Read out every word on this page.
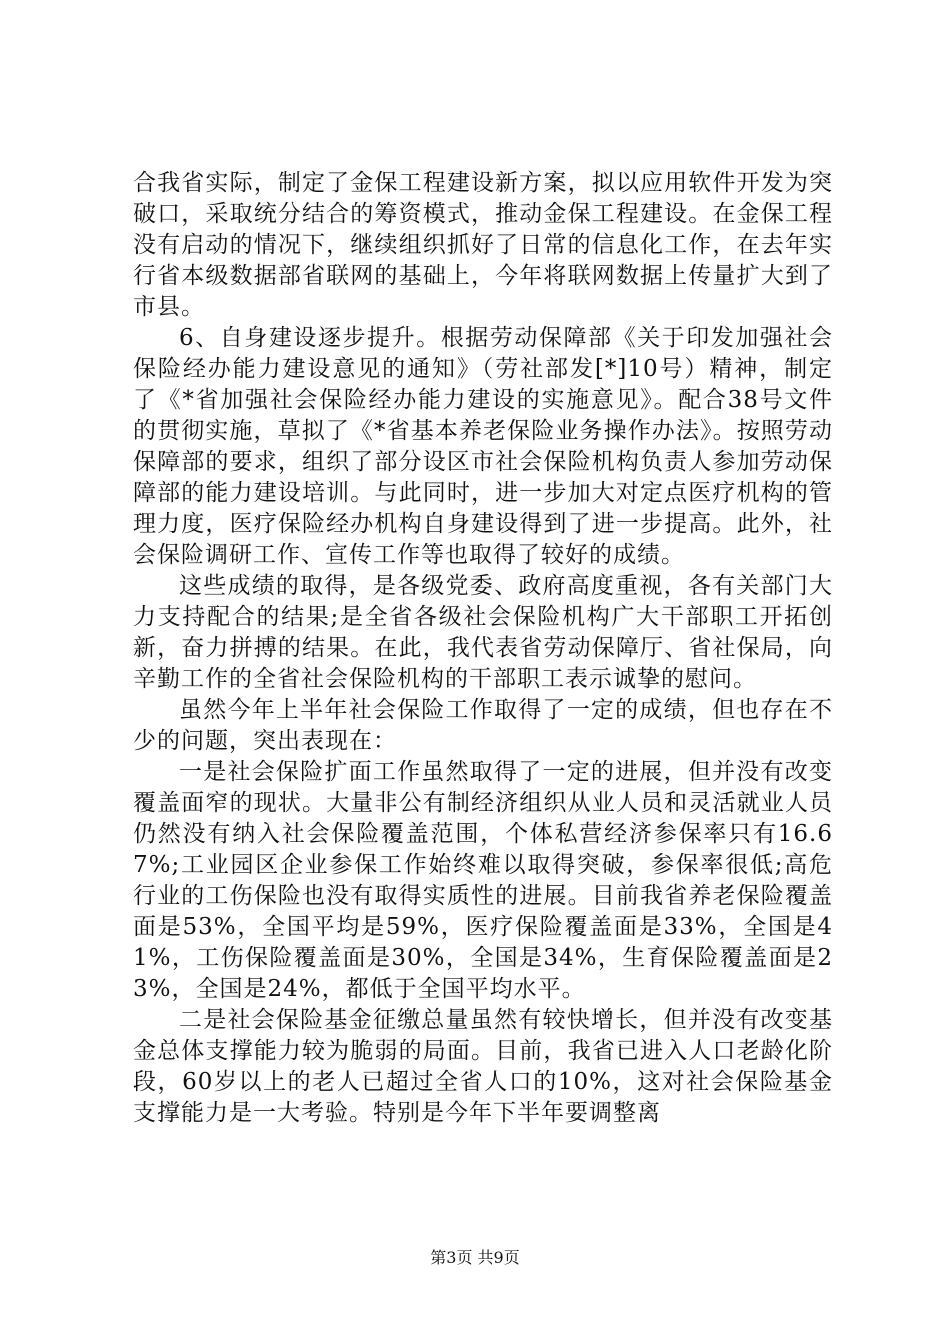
合我省实际，制定了金保工程建设新方案，拟以应用软件开发为突破口，采取统分结合的筹资模式，推动金保工程建设。在金保工程没有启动的情况下，继续组织抓好了日常的信息化工作，在去年实行省本级数据部省联网的基础上，今年将联网数据上传量扩大到了市县。

6、自身建设逐步提升。根据劳动保障部《关于印发加强社会保险经办能力建设意见的通知》（劳社部发[*]10号）精神，制定了《*省加强社会保险经办能力建设的实施意见》。配合38号文件的贯彻实施，草拟了《*省基本养老保险业务操作办法》。按照劳动保障部的要求，组织了部分设区市社会保险机构负责人参加劳动保障部的能力建设培训。与此同时，进一步加大对定点医疗机构的管理力度，医疗保险经办机构自身建设得到了进一步提高。此外，社会保险调研工作、宣传工作等也取得了较好的成绩。

这些成绩的取得，是各级党委、政府高度重视，各有关部门大力支持配合的结果;是全省各级社会保险机构广大干部职工开拓创新，奋力拼搏的结果。在此，我代表省劳动保障厅、省社保局，向辛勤工作的全省社会保险机构的干部职工表示诚挚的慰问。

虽然今年上半年社会保险工作取得了一定的成绩，但也存在不少的问题，突出表现在：

一是社会保险扩面工作虽然取得了一定的进展，但并没有改变覆盖面窄的现状。大量非公有制经济组织从业人员和灵活就业人员仍然没有纳入社会保险覆盖范围，个体私营经济参保率只有16.67%;工业园区企业参保工作始终难以取得突破，参保率很低;高危行业的工伤保险也没有取得实质性的进展。目前我省养老保险覆盖面是53%，全国平均是59%，医疗保险覆盖面是33%，全国是41%，工伤保险覆盖面是30%，全国是34%，生育保险覆盖面是23%，全国是24%，都低于全国平均水平。

二是社会保险基金征缴总量虽然有较快增长，但并没有改变基金总体支撑能力较为脆弱的局面。目前，我省已进入人口老龄化阶段，60岁以上的老人已超过全省人口的10%，这对社会保险基金支撑能力是一大考验。特别是今年下半年要调整离

第3页 共9页
